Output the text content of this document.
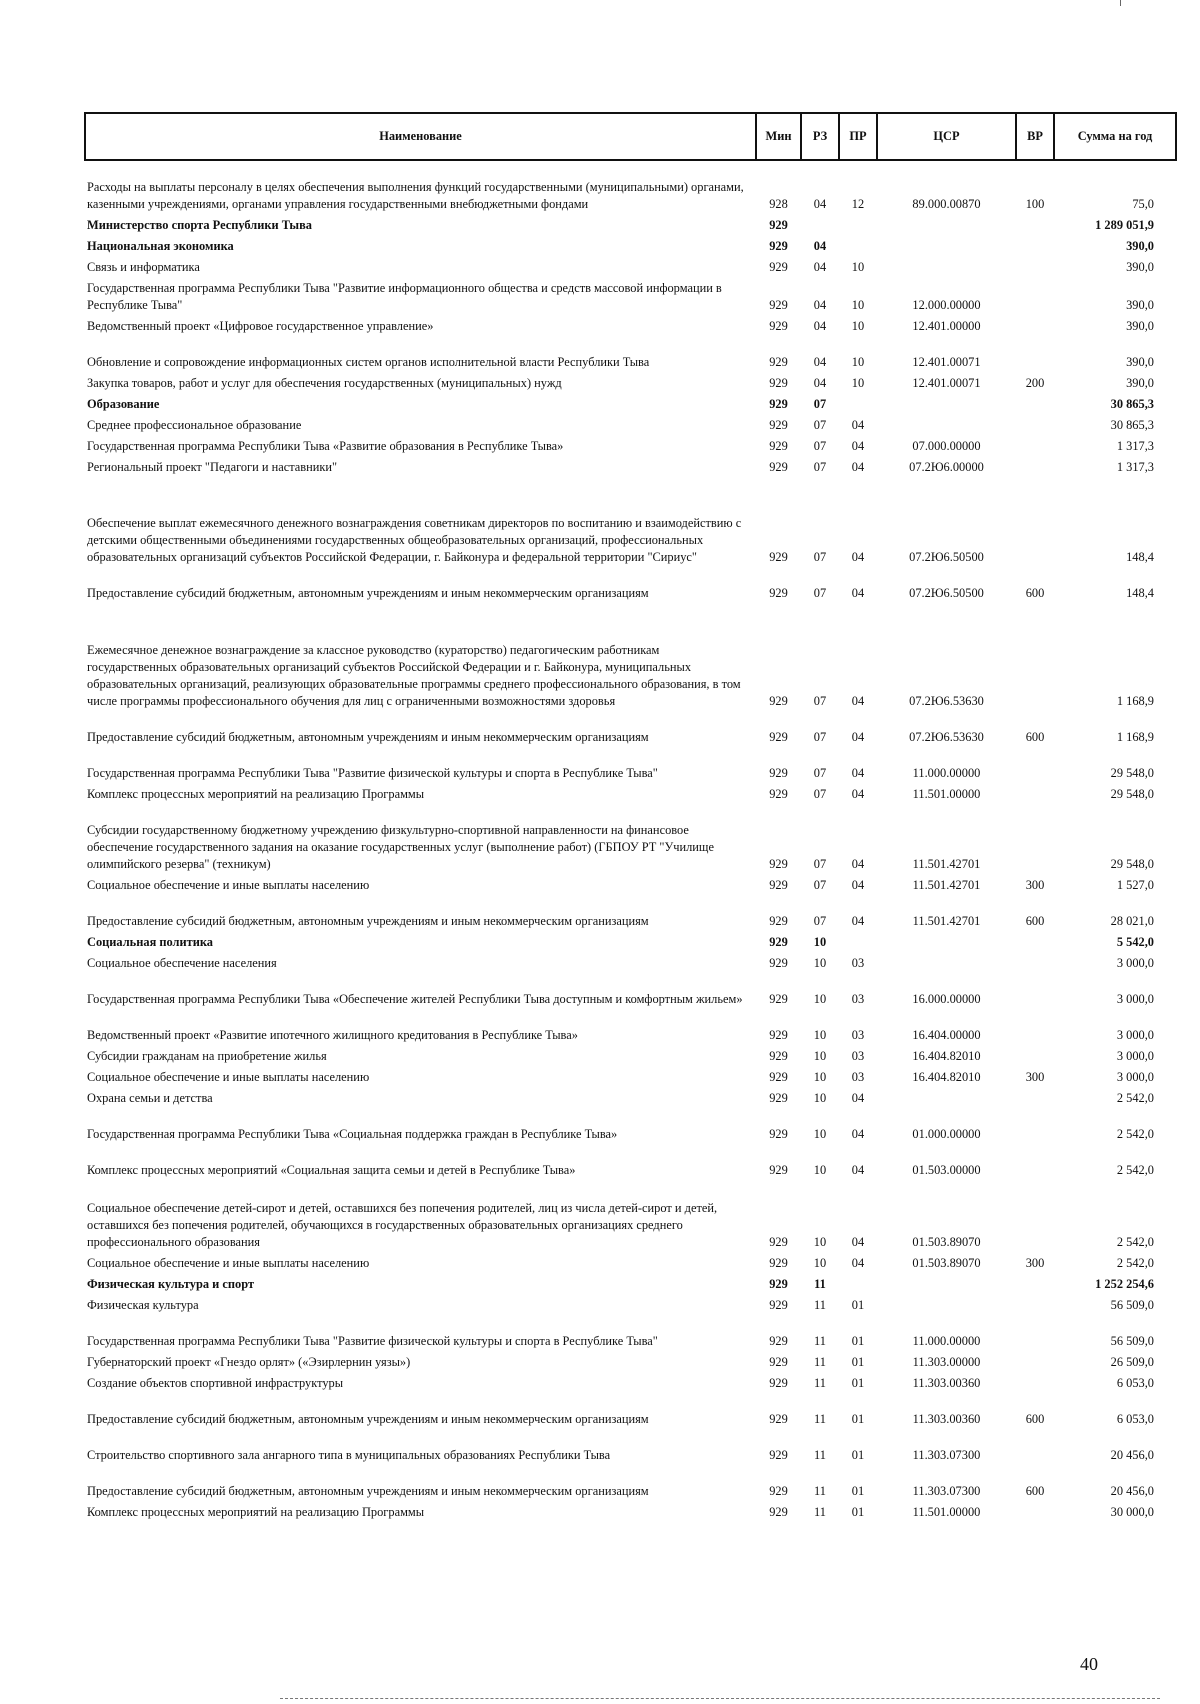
Наименование	Мин	РЗ	ПР	ЦСР	ВР	Сумма на год
Расходы на выплаты персоналу в целях обеспечения выполнения функций государственными (муниципальными) органами, казенными учреждениями, органами управления государственными внебюджетными фондами	928	04	12	89.000.00870	100	75,0
Министерство спорта Республики Тыва	929					1 289 051,9
Национальная экономика	929	04				390,0
Связь и информатика	929	04	10			390,0
Государственная программа Республики Тыва "Развитие информационного общества и средств массовой информации в Республике Тыва"	929	04	10	12.000.00000		390,0
Ведомственный проект «Цифровое государственное управление»	929	04	10	12.401.00000		390,0
Обновление и сопровождение информационных систем органов исполнительной власти Республики Тыва	929	04	10	12.401.00071		390,0
Закупка товаров, работ и услуг для обеспечения государственных (муниципальных) нужд	929	04	10	12.401.00071	200	390,0
Образование	929	07				30 865,3
Среднее профессиональное образование	929	07	04			30 865,3
Государственная программа Республики Тыва «Развитие образования в Республике Тыва»	929	07	04	07.000.00000		1 317,3
Региональный проект "Педагоги и наставники"	929	07	04	07.2Ю6.00000		1 317,3
Обеспечение выплат ежемесячного денежного вознаграждения советникам директоров по воспитанию и взаимодействию с детскими общественными объединениями государственных общеобразовательных организаций, профессиональных образовательных организаций субъектов Российской Федерации, г. Байконура и федеральной территории "Сириус"	929	07	04	07.2Ю6.50500		148,4
Предоставление субсидий бюджетным, автономным учреждениям и иным некоммерческим организациям	929	07	04	07.2Ю6.50500	600	148,4
Ежемесячное денежное вознаграждение за классное руководство (кураторство) педагогическим работникам государственных образовательных организаций субъектов Российской Федерации и г. Байконура, муниципальных образовательных организаций, реализующих образовательные программы среднего профессионального образования, в том числе программы профессионального обучения для лиц с ограниченными возможностями здоровья	929	07	04	07.2Ю6.53630		1 168,9
Предоставление субсидий бюджетным, автономным учреждениям и иным некоммерческим организациям	929	07	04	07.2Ю6.53630	600	1 168,9
Государственная программа Республики Тыва "Развитие физической культуры и спорта в Республике Тыва"	929	07	04	11.000.00000		29 548,0
Комплекс процессных мероприятий на реализацию Программы	929	07	04	11.501.00000		29 548,0
Субсидии государственному бюджетному учреждению физкультурно-спортивной направленности на финансовое обеспечение государственного задания на оказание государственных услуг (выполнение работ) (ГБПОУ РТ "Училище олимпийского резерва" (техникум)	929	07	04	11.501.42701		29 548,0
Социальное обеспечение и иные выплаты населению	929	07	04	11.501.42701	300	1 527,0
Предоставление субсидий бюджетным, автономным учреждениям и иным некоммерческим организациям	929	07	04	11.501.42701	600	28 021,0
Социальная политика	929	10				5 542,0
Социальное обеспечение населения	929	10	03			3 000,0
Государственная программа Республики Тыва «Обеспечение жителей Республики Тыва доступным и комфортным жильем»	929	10	03	16.000.00000		3 000,0
Ведомственный проект «Развитие ипотечного жилищного кредитования в Республике Тыва»	929	10	03	16.404.00000		3 000,0
Субсидии гражданам на приобретение жилья	929	10	03	16.404.82010		3 000,0
Социальное обеспечение и иные выплаты населению	929	10	03	16.404.82010	300	3 000,0
Охрана семьи и детства	929	10	04			2 542,0
Государственная программа Республики Тыва «Социальная поддержка граждан в Республике Тыва»	929	10	04	01.000.00000		2 542,0
Комплекс процессных мероприятий «Социальная защита семьи и детей в Республике Тыва»	929	10	04	01.503.00000		2 542,0
Социальное обеспечение детей-сирот и детей, оставшихся без попечения родителей, лиц из числа детей-сирот и детей, оставшихся без попечения родителей, обучающихся в государственных образовательных организациях среднего профессионального образования	929	10	04	01.503.89070		2 542,0
Социальное обеспечение и иные выплаты населению	929	10	04	01.503.89070	300	2 542,0
Физическая культура и спорт	929	11				1 252 254,6
Физическая культура	929	11	01			56 509,0
Государственная программа Республики Тыва "Развитие физической культуры и спорта в Республике Тыва"	929	11	01	11.000.00000		56 509,0
Губернаторский проект «Гнездо орлят» («Эзирлернин уязы»)	929	11	01	11.303.00000		26 509,0
Создание объектов спортивной инфраструктуры	929	11	01	11.303.00360		6 053,0
Предоставление субсидий бюджетным, автономным учреждениям и иным некоммерческим организациям	929	11	01	11.303.00360	600	6 053,0
Строительство спортивного зала ангарного типа в муниципальных образованиях Республики Тыва	929	11	01	11.303.07300		20 456,0
Предоставление субсидий бюджетным, автономным учреждениям и иным некоммерческим организациям	929	11	01	11.303.07300	600	20 456,0
Комплекс процессных мероприятий на реализацию Программы	929	11	01	11.501.00000		30 000,0
40
